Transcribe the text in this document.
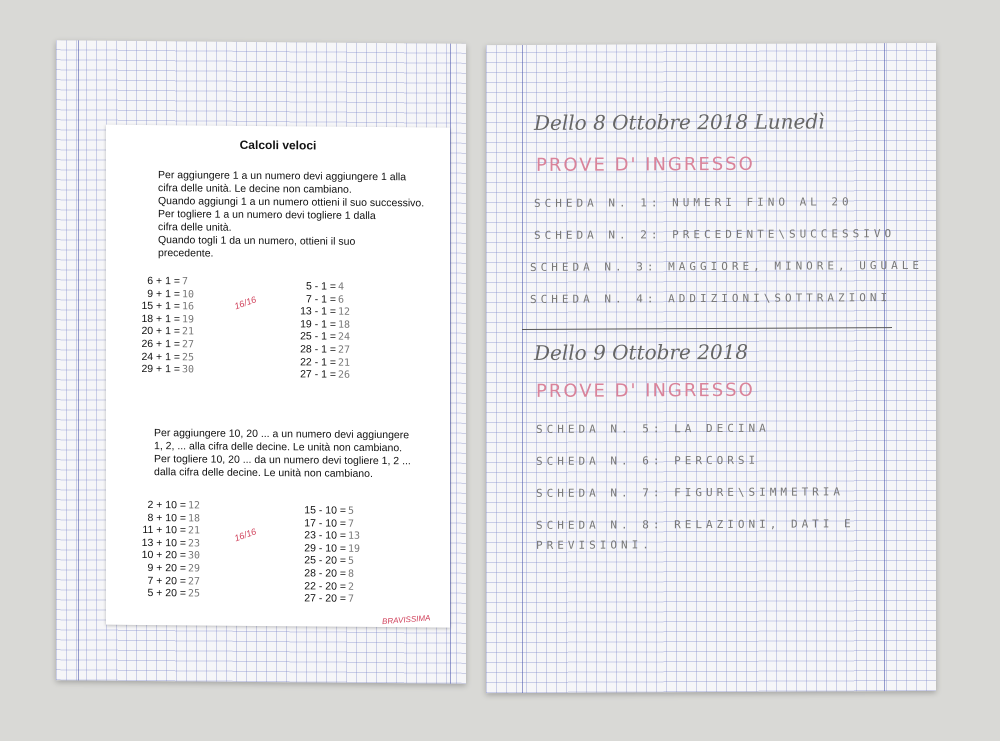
Calcoli veloci
Per aggiungere 1 a un numero devi aggiungere 1 alla
cifra delle unità. Le decine non cambiano.
Quando aggiungi 1 a un numero ottieni il suo successivo.
Per togliere 1 a un numero devi togliere 1 dalla
cifra delle unità.
Quando togli 1 da un numero, ottieni il suo
precedente.
6 + 1 = 7
9 + 1 = 10
15 + 1 = 16
18 + 1 = 19
20 + 1 = 21
26 + 1 = 27
24 + 1 = 25
29 + 1 = 30
5 - 1 = 4
7 - 1 = 6
13 - 1 = 12
19 - 1 = 18
25 - 1 = 24
28 - 1 = 27
22 - 1 = 21
27 - 1 = 26
16/16
Per aggiungere 10, 20 ... a un numero devi aggiungere
1, 2, ... alla cifra delle decine. Le unità non cambiano.
Per togliere 10, 20 ... da un numero devi togliere 1, 2 ...
dalla cifra delle decine. Le unità non cambiano.
2 + 10 = 12
8 + 10 = 18
11 + 10 = 21
13 + 10 = 23
10 + 20 = 30
9 + 20 = 29
7 + 20 = 27
5 + 20 = 25
15 - 10 = 5
17 - 10 = 7
23 - 10 = 13
29 - 10 = 19
25 - 20 = 5
28 - 20 = 8
22 - 20 = 2
27 - 20 = 7
16/16
BRAVISSIMA
Dello 8 Ottobre 2018 Lunedì
PROVE D' INGRESSO
SCHEDA N. 1: NUMERI FINO AL 20
SCHEDA N. 2: PRECEDENTE\SUCCESSIVO
SCHEDA N. 3: MAGGIORE, MINORE, UGUALE
SCHEDA N. 4: ADDIZIONI\SOTTRAZIONI
Dello 9 Ottobre 2018
PROVE D' INGRESSO
SCHEDA N. 5: LA DECINA
SCHEDA N. 6: PERCORSI
SCHEDA N. 7: FIGURE\SIMMETRIA
SCHEDA N. 8: RELAZIONI, DATI E
PREVISIONI.
